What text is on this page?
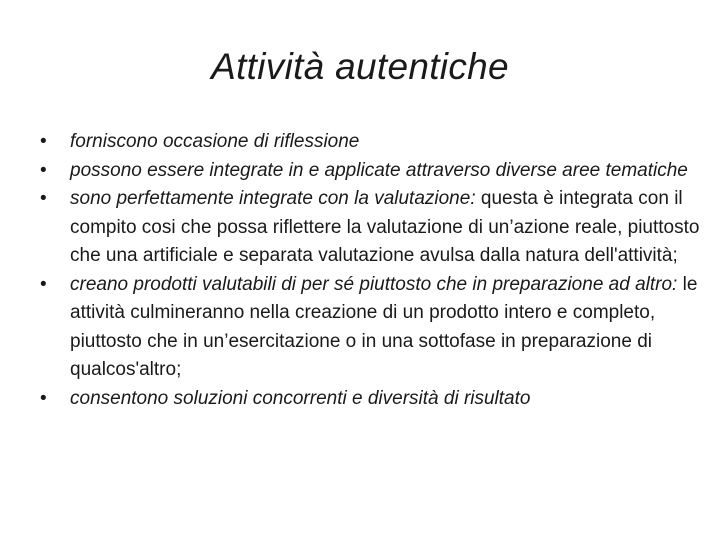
Attività autentiche
•	forniscono occasione di riflessione
•	possono essere integrate in e applicate attraverso diverse aree tematiche
•	sono perfettamente integrate con la valutazione: questa è integrata con il compito cosi che possa riflettere la valutazione di un’azione reale, piuttosto che una artificiale e separata valutazione avulsa dalla natura dell'attività;
•	creano prodotti valutabili di per sé piuttosto che in preparazione ad altro: le attività culmineranno nella creazione di un prodotto intero e completo, piuttosto che in un’esercitazione o in una sottofase in preparazione di qualcos'altro;
•	consentono soluzioni concorrenti e diversità di risultato
